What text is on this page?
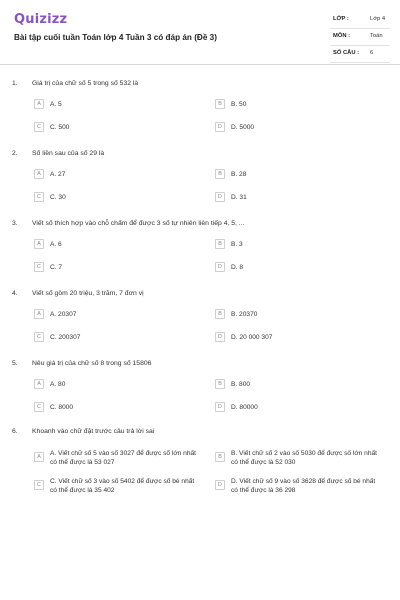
Quizizz
Bài tập cuối tuần Toán lớp 4 Tuần 3 có đáp án (Đề 3)
LỚP :	Lớp 4
MÔN :	Toán
SỐ CÂU : 6
1. Giá trị của chữ số 5 trong số 532 là
A	A. 5	B	B. 50
C	C. 500	D	D. 5000
2. Số liền sau của số 29 là
A	A. 27	B	B. 28
C	C. 30	D	D. 31
3. Viết số thích hợp vào chỗ chấm để được 3 số tự nhiên liên tiếp 4, 5, ...
A	A. 6	B	B. 3
C	C. 7	D	D. 8
4. Viết số gồm 20 triệu, 3 trăm, 7 đơn vị
A	A. 20307	B	B. 20370
C	C. 200307	D	D. 20 000 307
5. Nêu giá trị của chữ số 8 trong số 15806
A	A. 80	B	B. 800
C	C. 8000	D	D. 80000
6. Khoanh vào chữ đặt trước câu trả lời sai
A	A. Viết chữ số 5 vào số 3027 để được số lớn nhất có thể được là 53 027
B	B. Viết chữ số 2 vào số 5030 để được số lớn nhất có thể được là 52 030
C	C. Viết chữ số 3 vào số 5402 để được số bé nhất có thể được là 35 402
D	D. Viết chữ số 9 vào số 3628 để được số bé nhất có thể được là 36 298
